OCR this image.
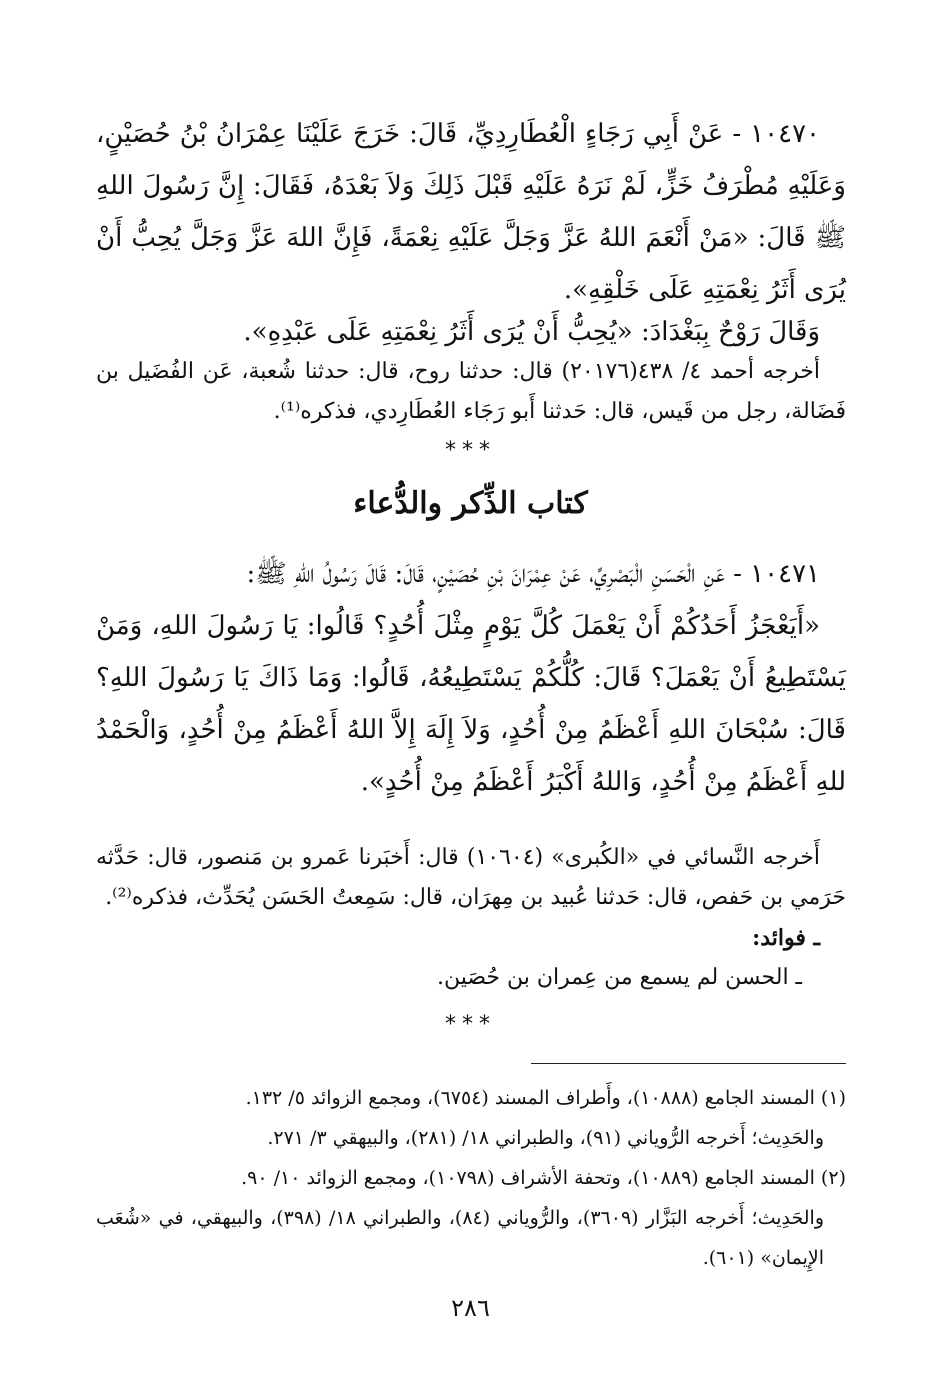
١٠٤٧٠ - عَنْ أَبِي رَجَاءٍ الْعُطَارِدِيِّ، قَالَ: خَرَجَ عَلَيْنَا عِمْرَانُ بْنُ حُصَيْنٍ، وَعَلَيْهِ مُطْرَفُ خَزٍّ، لَمْ نَرَهُ عَلَيْهِ قَبْلَ ذَلِكَ وَلاَ بَعْدَهُ، فَقَالَ: إِنَّ رَسُولَ اللهِ ﷺ قَالَ: «مَنْ أَنْعَمَ اللهُ عَزَّ وَجَلَّ عَلَيْهِ نِعْمَةً، فَإِنَّ اللهَ عَزَّ وَجَلَّ يُحِبُّ أَنْ يُرَى أَثَرُ نِعْمَتِهِ عَلَى خَلْقِهِ».

وَقَالَ رَوْحٌ بِبَغْدَادَ: «يُحِبُّ أَنْ يُرَى أَثَرُ نِعْمَتِهِ عَلَى عَبْدِهِ».

أخرجه أحمد ٤/ ٤٣٨(٢٠١٧٦) قال: حدثنا روح، قال: حدثنا شُعبة، عَن الفُضَيل بن فَضَالة، رجل من قَيس، قال: حَدثنا أَبو رَجَاء العُطَارِدي، فذكره⁽¹⁾.

***
كتاب الذِّكر والدُّعاء

١٠٤٧١ - عَنِ الْحَسَنِ الْبَصْرِيِّ، عَنْ عِمْرَانَ بْنِ حُصَيْنٍ، قَالَ: قَالَ رَسُولُ اللهِ ﷺ:

«أَيَعْجَزُ أَحَدُكُمْ أَنْ يَعْمَلَ كُلَّ يَوْمٍ مِثْلَ أُحُدٍ؟ قَالُوا: يَا رَسُولَ اللهِ، وَمَنْ يَسْتَطِيعُ أَنْ يَعْمَلَ؟ قَالَ: كُلُّكُمْ يَسْتَطِيعُهُ، قَالُوا: وَمَا ذَاكَ يَا رَسُولَ اللهِ؟ قَالَ: سُبْحَانَ اللهِ أَعْظَمُ مِنْ أُحُدٍ، وَلاَ إِلَهَ إِلاَّ اللهُ أَعْظَمُ مِنْ أُحُدٍ، وَالْحَمْدُ للهِ أَعْظَمُ مِنْ أُحُدٍ، وَاللهُ أَكْبَرُ أَعْظَمُ مِنْ أُحُدٍ».

أَخرجه النَّسائي في «الكُبرى» (١٠٦٠٤) قال: أَخبَرنا عَمرو بن مَنصور، قال: حَدَّثه حَرَمي بن حَفص، قال: حَدثنا عُبيد بن مِهرَان، قال: سَمِعتُ الحَسَن يُحَدِّث، فذكره⁽²⁾.

ـ فوائد:

ـ الحسن لم يسمع من عِمران بن حُصَين.

***

(١) المسند الجامع (١٠٨٨٨)، وأَطراف المسند (٦٧٥٤)، ومجمع الزوائد ٥/ ١٣٢.

والحَدِيث؛ أَخرجه الرُّوياني (٩١)، والطبراني ١٨/ (٢٨١)، والبيهقي ٣/ ٢٧١.

(٢) المسند الجامع (١٠٨٨٩)، وتحفة الأشراف (١٠٧٩٨)، ومجمع الزوائد ١٠/ ٩٠.

والحَدِيث؛ أَخرجه البَزَّار (٣٦٠٩)، والرُّوياني (٨٤)، والطبراني ١٨/ (٣٩٨)، والبيهقي، في «شُعَب الإِيمان» (٦٠١).

٢٨٦
